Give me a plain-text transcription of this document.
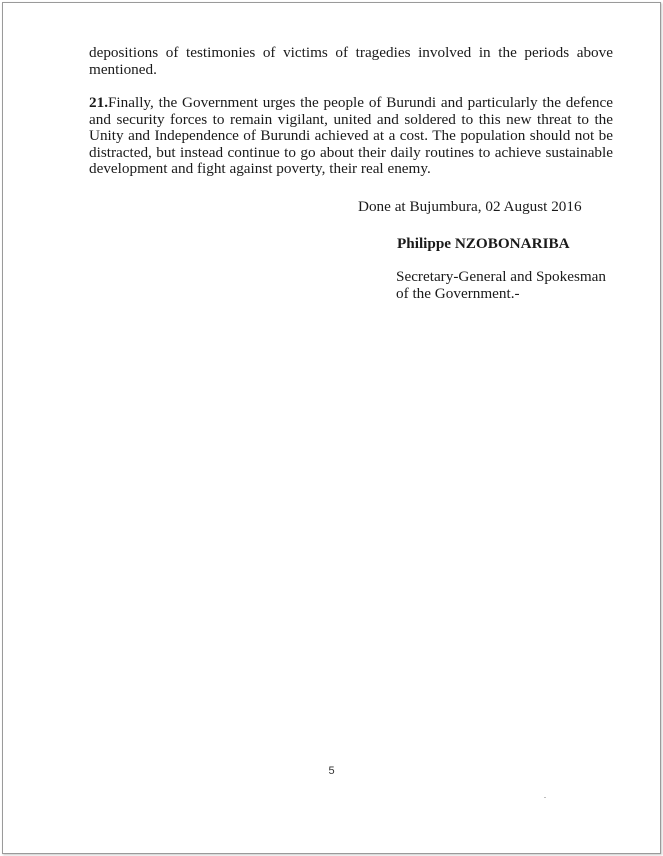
depositions of testimonies of victims of tragedies involved in the periods above mentioned.

21.Finally, the Government urges the people of Burundi and particularly the defence and security forces to remain vigilant, united and soldered to this new threat to the Unity and Independence of Burundi achieved at a cost. The population should not be distracted, but instead continue to go about their daily routines to achieve sustainable development and fight against poverty, their real enemy.

Done at Bujumbura, 02 August 2016
Philippe NZOBONARIBA
Secretary-General and Spokesman
of the Government.-
5
